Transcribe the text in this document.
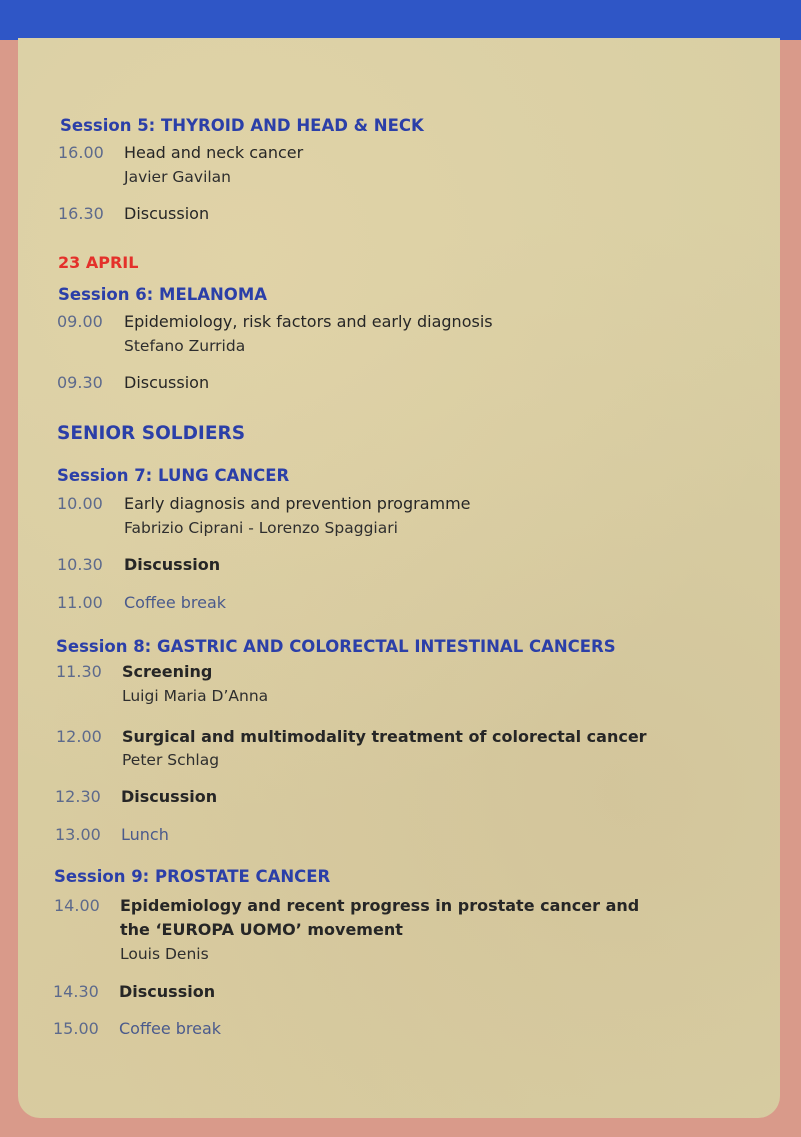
Session 5: THYROID AND HEAD & NECK
16.00 Head and neck cancer
Javier Gavilan
16.30 Discussion
23 APRIL
Session 6: MELANOMA
09.00 Epidemiology, risk factors and early diagnosis
Stefano Zurrida
09.30 Discussion
SENIOR SOLDIERS
Session 7: LUNG CANCER
10.00 Early diagnosis and prevention programme
Fabrizio Ciprani - Lorenzo Spaggiari
10.30 Discussion
11.00 Coffee break
Session 8: GASTRIC AND COLORECTAL INTESTINAL CANCERS
11.30 Screening
Luigi Maria D’Anna
12.00 Surgical and multimodality treatment of colorectal cancer
Peter Schlag
12.30 Discussion
13.00 Lunch
Session 9: PROSTATE CANCER
14.00 Epidemiology and recent progress in prostate cancer and
the ‘EUROPA UOMO’ movement
Louis Denis
14.30 Discussion
15.00 Coffee break
